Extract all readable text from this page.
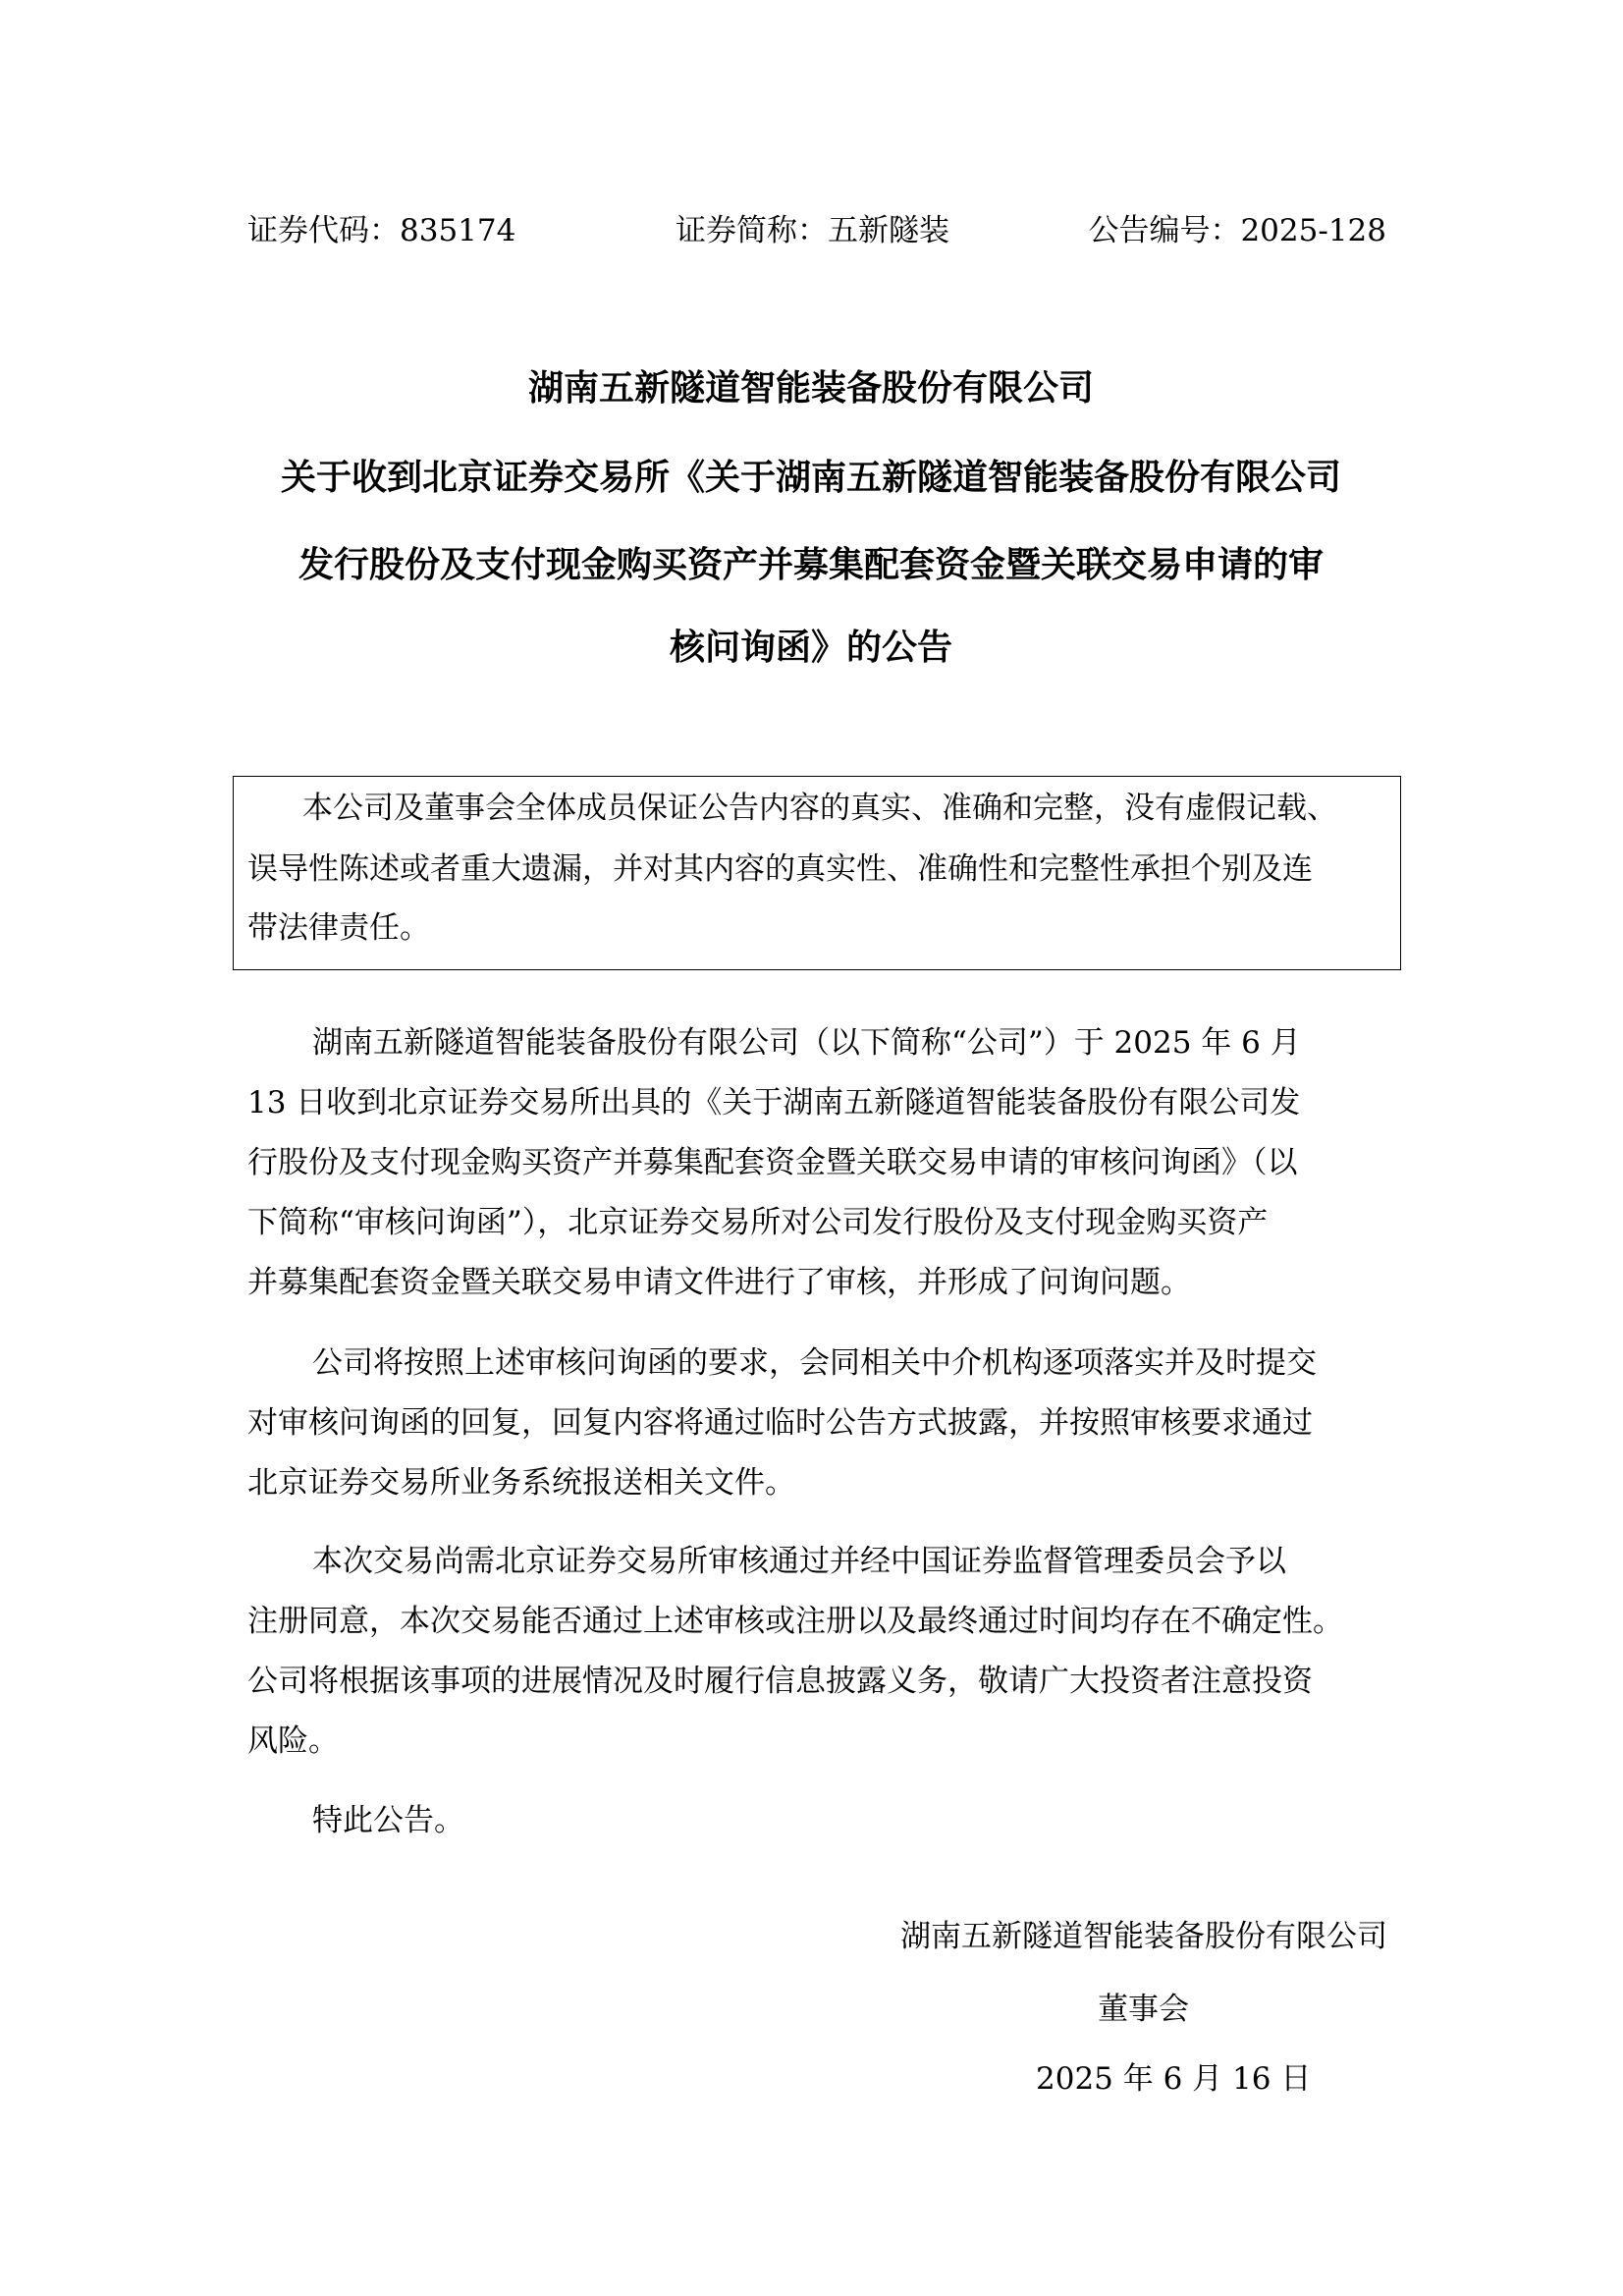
证券代码：835174	证券简称：五新隧装	公告编号：2025-128
湖南五新隧道智能装备股份有限公司
关于收到北京证券交易所《关于湖南五新隧道智能装备股份有限公司
发行股份及支付现金购买资产并募集配套资金暨关联交易申请的审
核问询函》的公告
本公司及董事会全体成员保证公告内容的真实、准确和完整，没有虚假记载、
误导性陈述或者重大遗漏，并对其内容的真实性、准确性和完整性承担个别及连
带法律责任。
湖南五新隧道智能装备股份有限公司（以下简称“公司”）于 2025 年 6 月
13 日收到北京证券交易所出具的《关于湖南五新隧道智能装备股份有限公司发
行股份及支付现金购买资产并募集配套资金暨关联交易申请的审核问询函》（以
下简称“审核问询函”），北京证券交易所对公司发行股份及支付现金购买资产
并募集配套资金暨关联交易申请文件进行了审核，并形成了问询问题。
公司将按照上述审核问询函的要求，会同相关中介机构逐项落实并及时提交
对审核问询函的回复，回复内容将通过临时公告方式披露，并按照审核要求通过
北京证券交易所业务系统报送相关文件。
本次交易尚需北京证券交易所审核通过并经中国证券监督管理委员会予以
注册同意，本次交易能否通过上述审核或注册以及最终通过时间均存在不确定性。
公司将根据该事项的进展情况及时履行信息披露义务，敬请广大投资者注意投资
风险。
特此公告。
湖南五新隧道智能装备股份有限公司
董事会
2025 年 6 月 16 日
